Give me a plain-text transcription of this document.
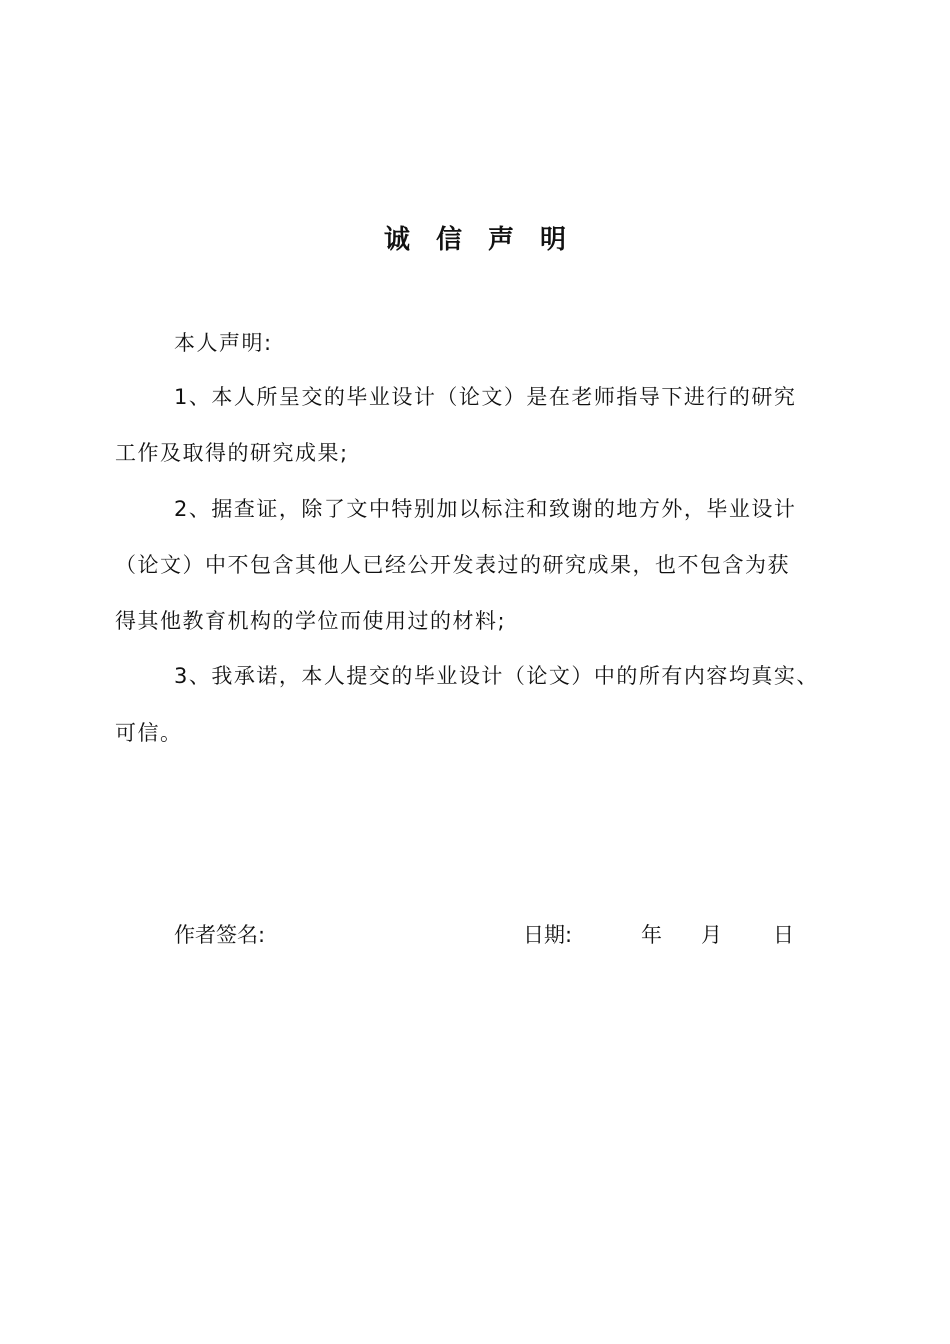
诚信声明
本人声明:
1、本人所呈交的毕业设计（论文）是在老师指导下进行的研究
工作及取得的研究成果;
2、据查证，除了文中特别加以标注和致谢的地方外，毕业设计
（论文）中不包含其他人已经公开发表过的研究成果，也不包含为获
得其他教育机构的学位而使用过的材料;
3、我承诺，本人提交的毕业设计（论文）中的所有内容均真实、
可信。
作者签名:	日期:	年 月 日
